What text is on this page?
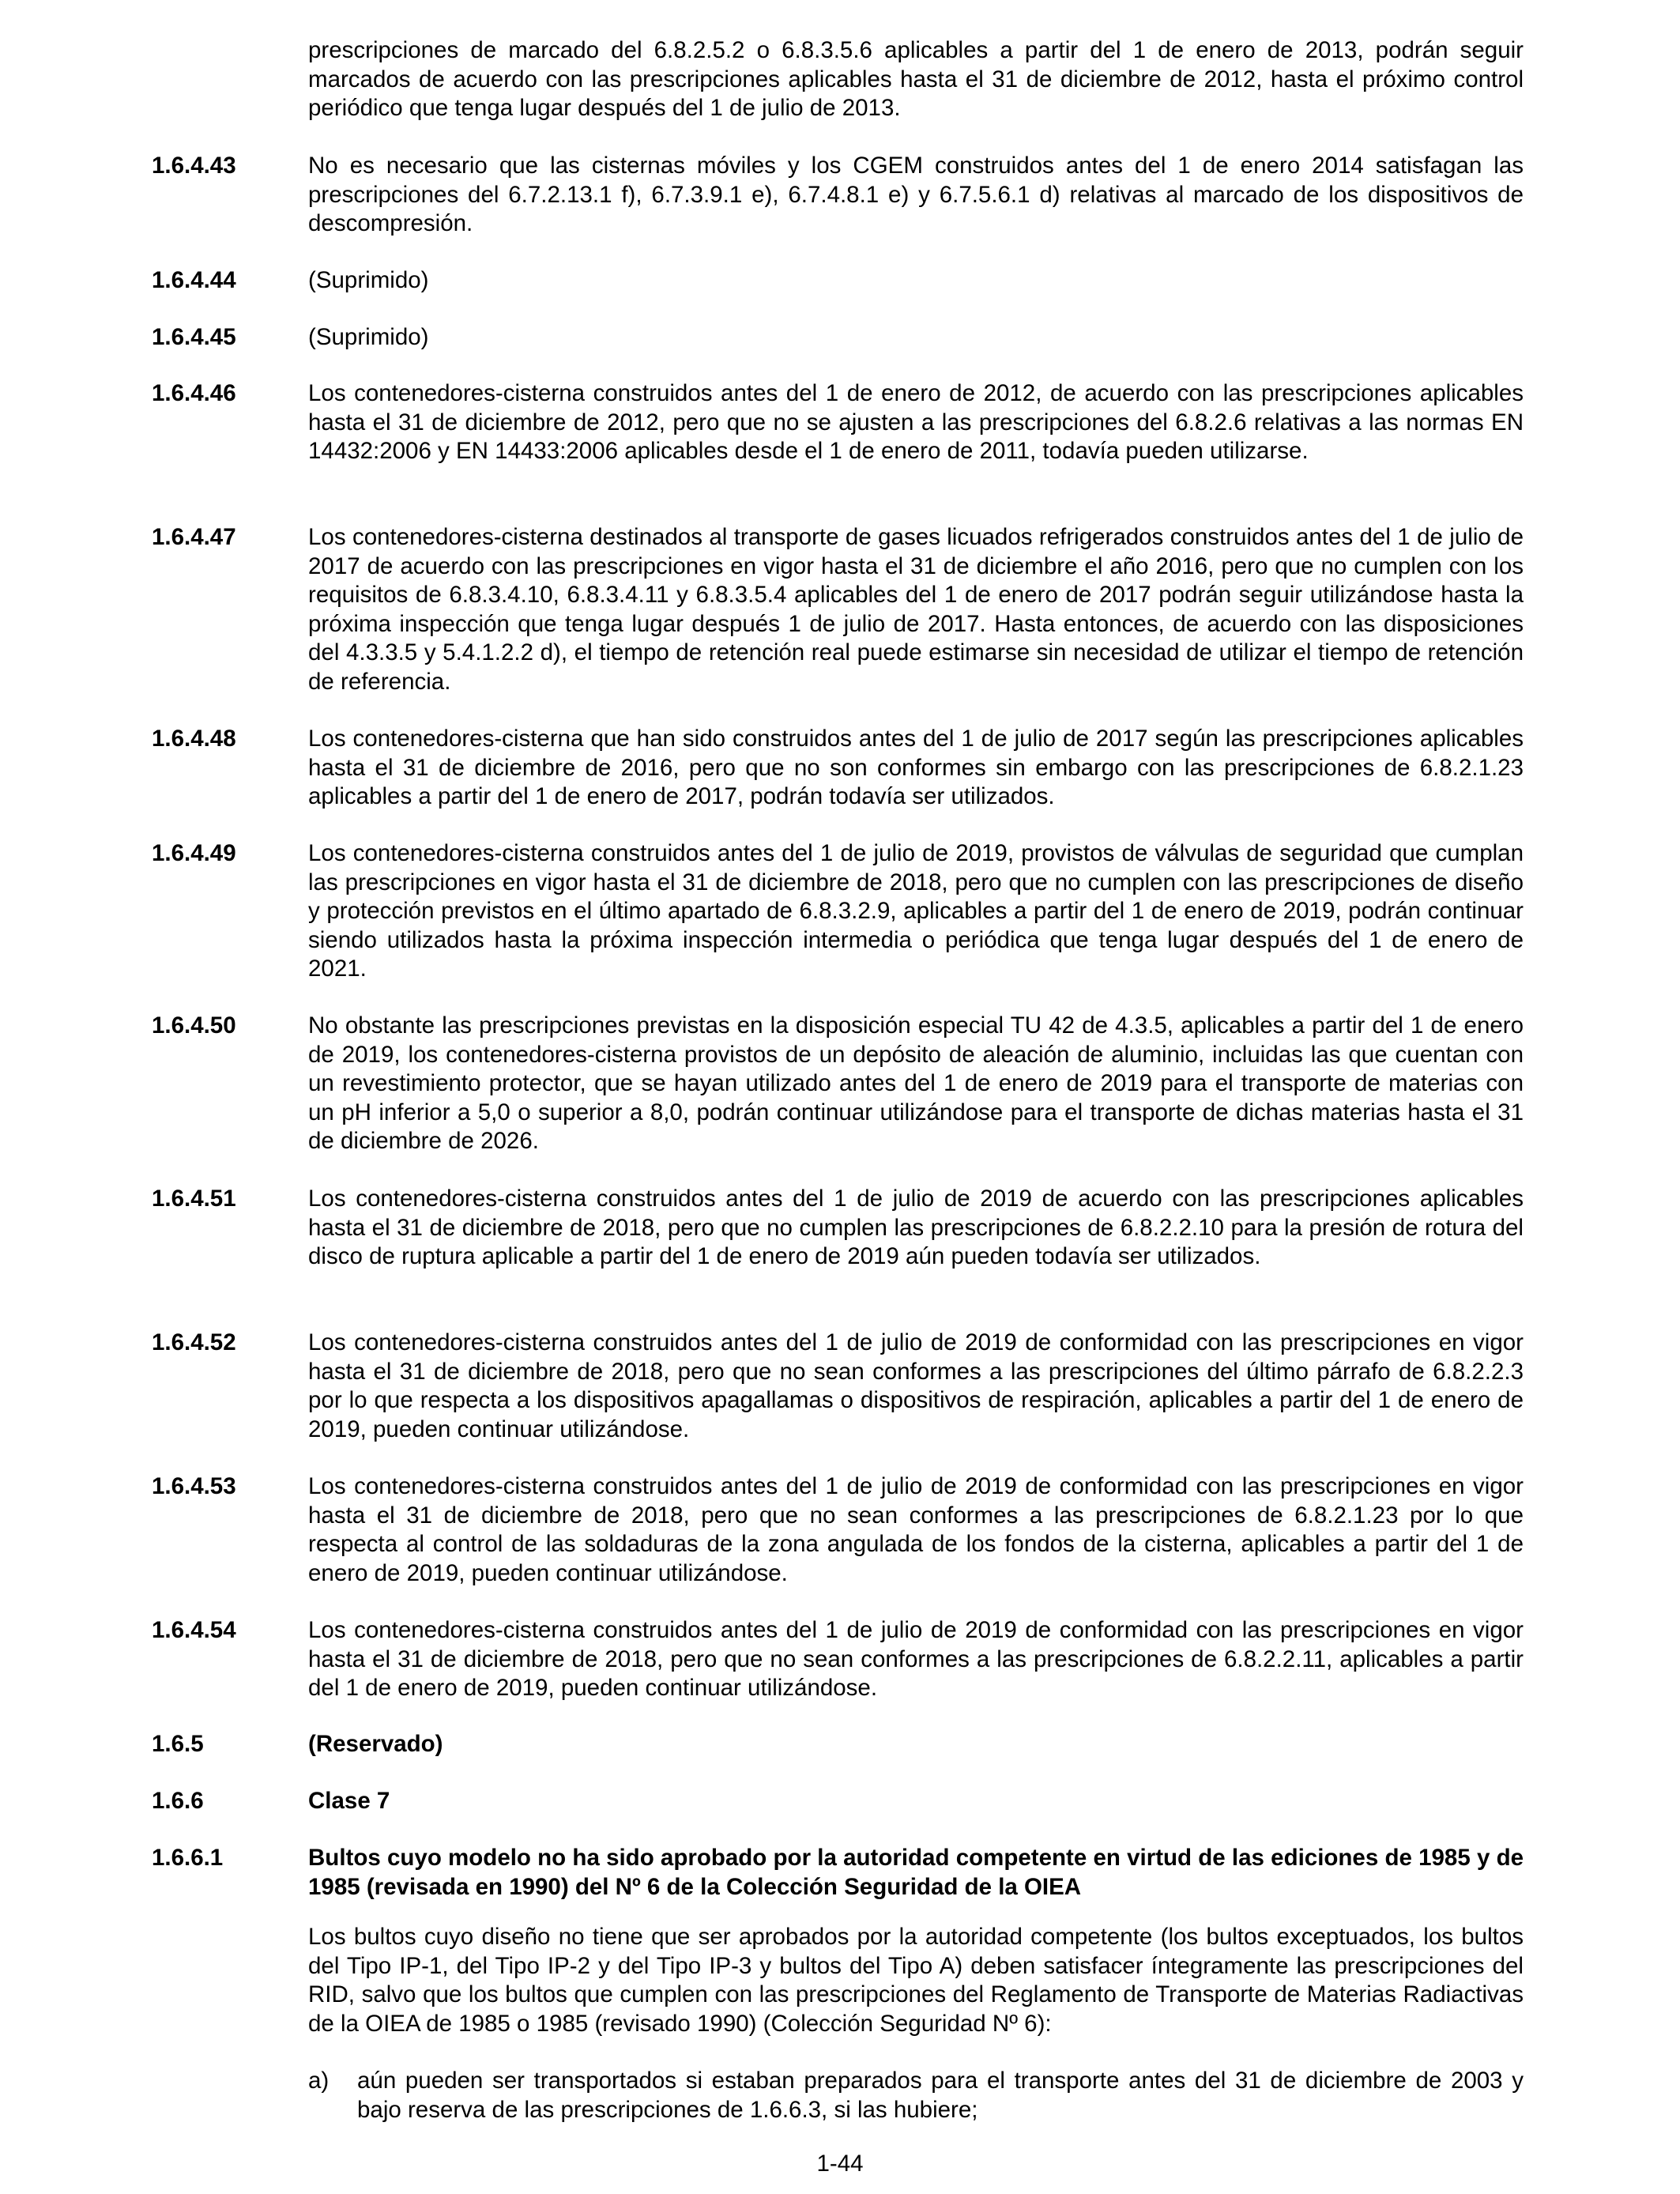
prescripciones de marcado del 6.8.2.5.2 o 6.8.3.5.6 aplicables a partir del 1 de enero de 2013, podrán seguir marcados de acuerdo con las prescripciones aplicables hasta el 31 de diciembre de 2012, hasta el próximo control periódico que tenga lugar después del 1 de julio de 2013.

1.6.4.43	No es necesario que las cisternas móviles y los CGEM construidos antes del 1 de enero 2014 satisfagan las prescripciones del 6.7.2.13.1 f), 6.7.3.9.1 e), 6.7.4.8.1 e) y 6.7.5.6.1 d) relativas al marcado de los dispositivos de descompresión.

1.6.4.44	(Suprimido)

1.6.4.45	(Suprimido)

1.6.4.46	Los contenedores-cisterna construidos antes del 1 de enero de 2012, de acuerdo con las prescripciones aplicables hasta el 31 de diciembre de 2012, pero que no se ajusten a las prescripciones del 6.8.2.6 relativas a las normas EN 14432:2006 y EN 14433:2006 aplicables desde el 1 de enero de 2011, todavía pueden utilizarse.

1.6.4.47	Los contenedores-cisterna destinados al transporte de gases licuados refrigerados construidos antes del 1 de julio de 2017 de acuerdo con las prescripciones en vigor hasta el 31 de diciembre el año 2016, pero que no cumplen con los requisitos de 6.8.3.4.10, 6.8.3.4.11 y 6.8.3.5.4 aplicables del 1 de enero de 2017 podrán seguir utilizándose hasta la próxima inspección que tenga lugar después 1 de julio de 2017. Hasta entonces, de acuerdo con las disposiciones del 4.3.3.5 y 5.4.1.2.2 d), el tiempo de retención real puede estimarse sin necesidad de utilizar el tiempo de retención de referencia.

1.6.4.48	Los contenedores-cisterna que han sido construidos antes del 1 de julio de 2017 según las prescripciones aplicables hasta el 31 de diciembre de 2016, pero que no son conformes sin embargo con las prescripciones de 6.8.2.1.23 aplicables a partir del 1 de enero de 2017, podrán todavía ser utilizados.

1.6.4.49	Los contenedores-cisterna construidos antes del 1 de julio de 2019, provistos de válvulas de seguridad que cumplan las prescripciones en vigor hasta el 31 de diciembre de 2018, pero que no cumplen con las prescripciones de diseño y protección previstos en el último apartado de 6.8.3.2.9, aplicables a partir del 1 de enero de 2019, podrán continuar siendo utilizados hasta la próxima inspección intermedia o periódica que tenga lugar después del 1 de enero de 2021.

1.6.4.50	No obstante las prescripciones previstas en la disposición especial TU 42 de 4.3.5, aplicables a partir del 1 de enero de 2019, los contenedores-cisterna provistos de un depósito de aleación de aluminio, incluidas las que cuentan con un revestimiento protector, que se hayan utilizado antes del 1 de enero de 2019 para el transporte de materias con un pH inferior a 5,0 o superior a 8,0, podrán continuar utilizándose para el transporte de dichas materias hasta el 31 de diciembre de 2026.

1.6.4.51	Los contenedores-cisterna construidos antes del 1 de julio de 2019 de acuerdo con las prescripciones aplicables hasta el 31 de diciembre de 2018, pero que no cumplen las prescripciones de 6.8.2.2.10 para la presión de rotura del disco de ruptura aplicable a partir del 1 de enero de 2019 aún pueden todavía ser utilizados.

1.6.4.52	Los contenedores-cisterna construidos antes del 1 de julio de 2019 de conformidad con las prescripciones en vigor hasta el 31 de diciembre de 2018, pero que no sean conformes a las prescripciones del último párrafo de 6.8.2.2.3 por lo que respecta a los dispositivos apagallamas o dispositivos de respiración, aplicables a partir del 1 de enero de 2019, pueden continuar utilizándose.

1.6.4.53	Los contenedores-cisterna construidos antes del 1 de julio de 2019 de conformidad con las prescripciones en vigor hasta el 31 de diciembre de 2018, pero que no sean conformes a las prescripciones de 6.8.2.1.23 por lo que respecta al control de las soldaduras de la zona angulada de los fondos de la cisterna, aplicables a partir del 1 de enero de 2019, pueden continuar utilizándose.

1.6.4.54	Los contenedores-cisterna construidos antes del 1 de julio de 2019 de conformidad con las prescripciones en vigor hasta el 31 de diciembre de 2018, pero que no sean conformes a las prescripciones de 6.8.2.2.11, aplicables a partir del 1 de enero de 2019, pueden continuar utilizándose.

1.6.5	(Reservado)

1.6.6	Clase 7

1.6.6.1	Bultos cuyo modelo no ha sido aprobado por la autoridad competente en virtud de las ediciones de 1985 y de 1985 (revisada en 1990) del Nº 6 de la Colección Seguridad de la OIEA

Los bultos cuyo diseño no tiene que ser aprobados por la autoridad competente (los bultos exceptuados, los bultos del Tipo IP-1, del Tipo IP-2 y del Tipo IP-3 y bultos del Tipo A) deben satisfacer íntegramente las prescripciones del RID, salvo que los bultos que cumplen con las prescripciones del Reglamento de Transporte de Materias Radiactivas de la OIEA de 1985 o 1985 (revisado 1990) (Colección Seguridad Nº 6):

a) aún pueden ser transportados si estaban preparados para el transporte antes del 31 de diciembre de 2003 y bajo reserva de las prescripciones de 1.6.6.3, si las hubiere;

1-44
